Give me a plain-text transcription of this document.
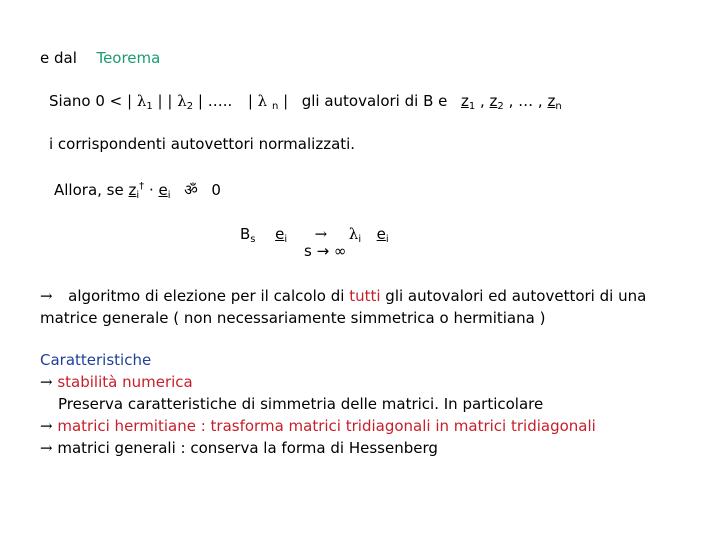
e dal Teorema
Siano 0 < | $\lambda_1$ | | $\lambda_2$ | ….. | λ $_n$ | gli autovalori di B e $z_1$ , $z_2$ , … , $z_n$
i corrispondenti autovettori normalizzati.
Allora, se $z_i^\dagger \cdot e_i$ ॐ 0
$B_s$ $e_i \to \lambda_i$ $e_i$
s → ∞
→ algoritmo di elezione per il calcolo di tutti gli autovalori ed autovettori di una
matrice generale ( non necessariamente simmetrica o hermitiana )
Caratteristiche
→ stabilità numerica
Preserva caratteristiche di simmetria delle matrici. In particolare
→ matrici hermitiane : trasforma matrici tridiagonali in matrici tridiagonali
→ matrici generali : conserva la forma di Hessenberg
